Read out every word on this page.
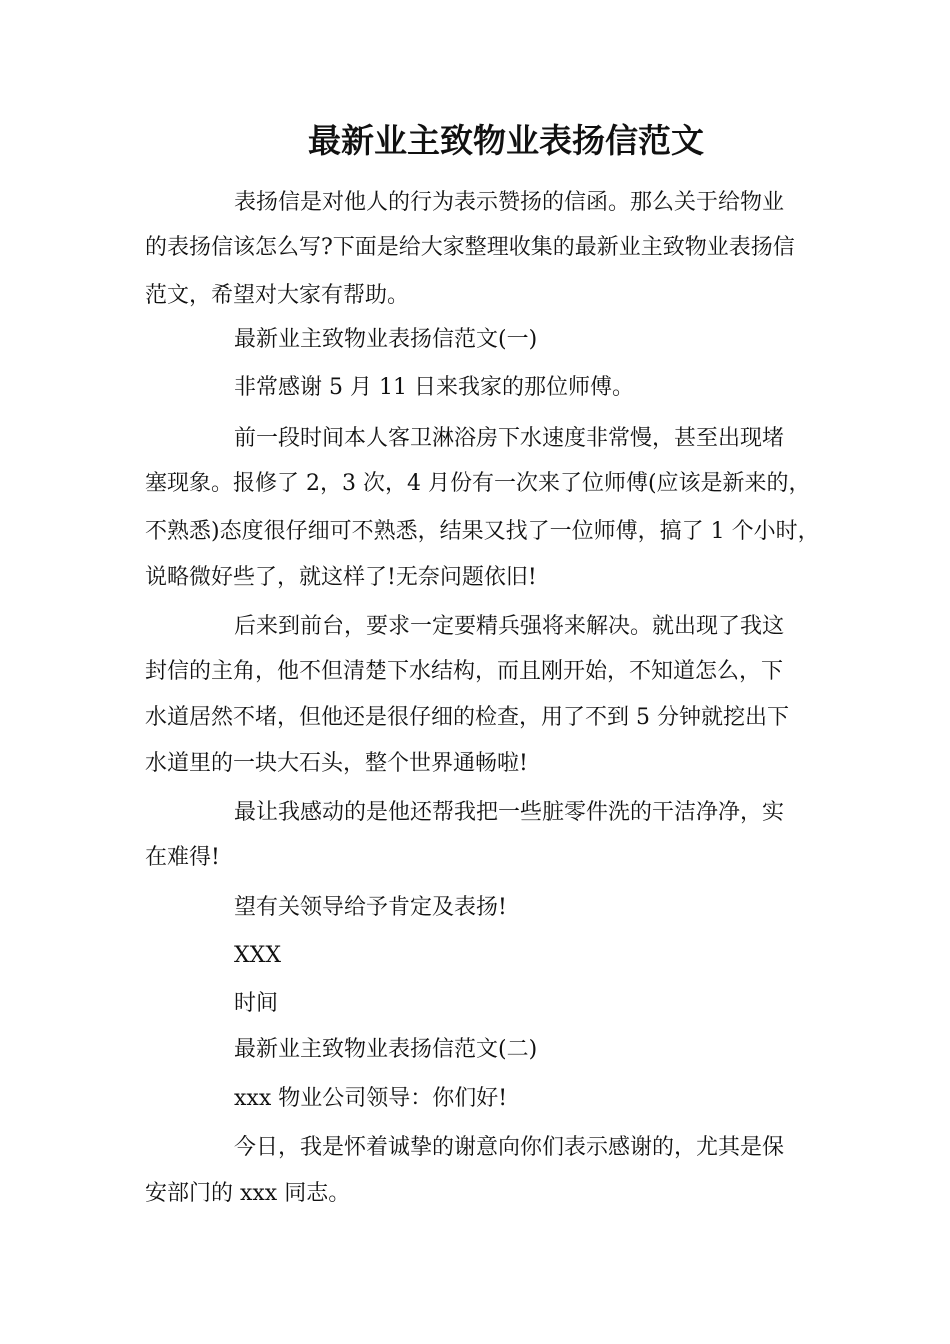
最新业主致物业表扬信范文
表扬信是对他人的行为表示赞扬的信函。那么关于给物业
的表扬信该怎么写?下面是给大家整理收集的最新业主致物业表扬信
范文，希望对大家有帮助。
最新业主致物业表扬信范文(一)
非常感谢 5 月 11 日来我家的那位师傅。
前一段时间本人客卫淋浴房下水速度非常慢，甚至出现堵
塞现象。报修了 2，3 次，4 月份有一次来了位师傅(应该是新来的，
不熟悉)态度很仔细可不熟悉，结果又找了一位师傅，搞了 1 个小时，
说略微好些了，就这样了!无奈问题依旧!
后来到前台，要求一定要精兵强将来解决。就出现了我这
封信的主角，他不但清楚下水结构，而且刚开始，不知道怎么，下
水道居然不堵，但他还是很仔细的检查，用了不到 5 分钟就挖出下
水道里的一块大石头，整个世界通畅啦!
最让我感动的是他还帮我把一些脏零件洗的干洁净净，实
在难得!
望有关领导给予肯定及表扬!
XXX
时间
最新业主致物业表扬信范文(二)
xxx 物业公司领导：你们好!
今日，我是怀着诚挚的谢意向你们表示感谢的，尤其是保
安部门的 xxx 同志。
